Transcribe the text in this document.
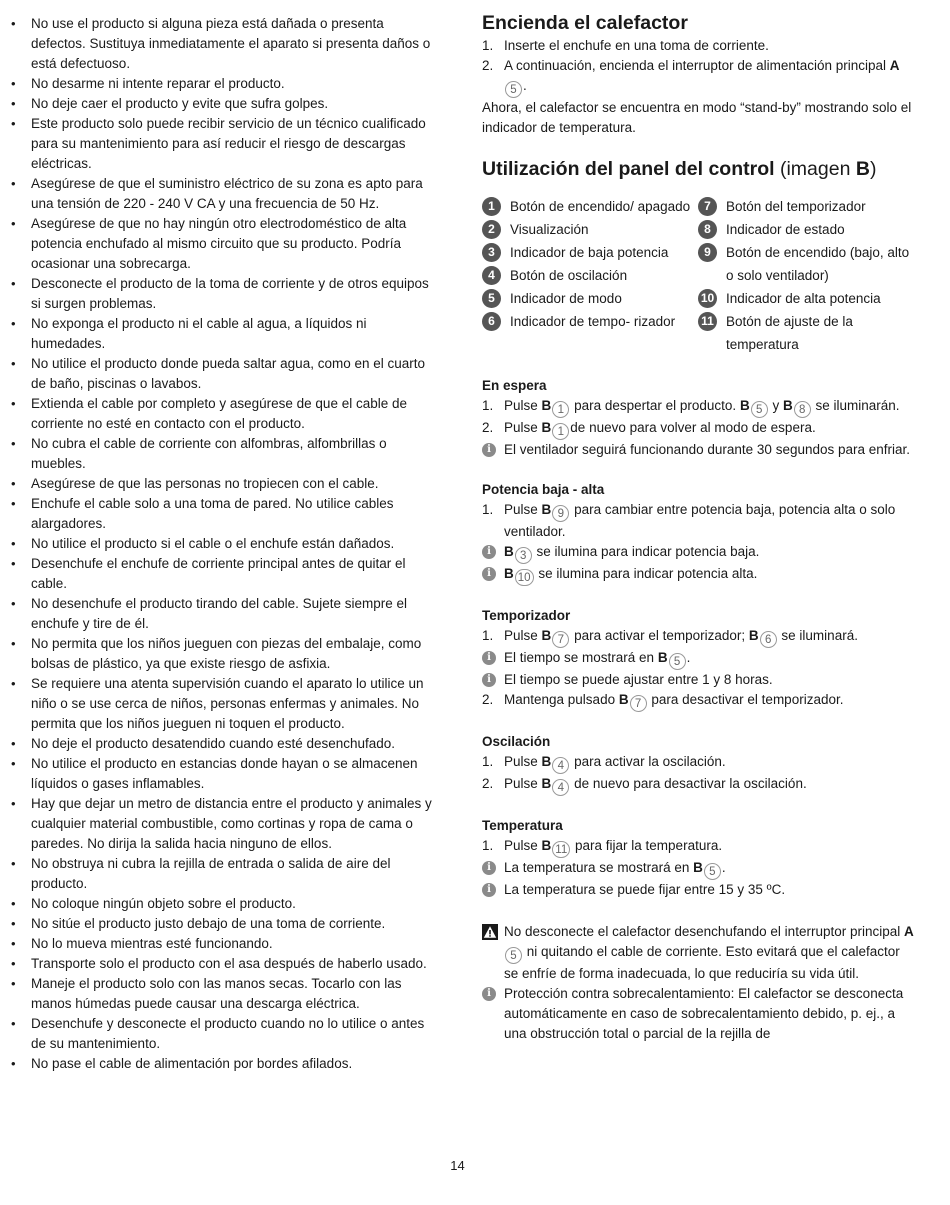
• No use el producto si alguna pieza está dañada o presenta defectos. Sustituya inmediatamente el aparato si presenta daños o está defectuoso.
• No desarme ni intente reparar el producto.
• No deje caer el producto y evite que sufra golpes.
• Este producto solo puede recibir servicio de un técnico cualificado para su mantenimiento para así reducir el riesgo de descargas eléctricas.
• Asegúrese de que el suministro eléctrico de su zona es apto para una tensión de 220 - 240 V CA y una frecuencia de 50 Hz.
• Asegúrese de que no hay ningún otro electrodoméstico de alta potencia enchufado al mismo circuito que su producto. Podría ocasionar una sobrecarga.
• Desconecte el producto de la toma de corriente y de otros equipos si surgen problemas.
• No exponga el producto ni el cable al agua, a líquidos ni humedades.
• No utilice el producto donde pueda saltar agua, como en el cuarto de baño, piscinas o lavabos.
• Extienda el cable por completo y asegúrese de que el cable de corriente no esté en contacto con el producto.
• No cubra el cable de corriente con alfombras, alfombrillas o muebles.
• Asegúrese de que las personas no tropiecen con el cable.
• Enchufe el cable solo a una toma de pared. No utilice cables alargadores.
• No utilice el producto si el cable o el enchufe están dañados.
• Desenchufe el enchufe de corriente principal antes de quitar el cable.
• No desenchufe el producto tirando del cable. Sujete siempre el enchufe y tire de él.
• No permita que los niños jueguen con piezas del embalaje, como bolsas de plástico, ya que existe riesgo de asfixia.
• Se requiere una atenta supervisión cuando el aparato lo utilice un niño o se use cerca de niños, personas enfermas y animales. No permita que los niños jueguen ni toquen el producto.
• No deje el producto desatendido cuando esté desenchufado.
• No utilice el producto en estancias donde hayan o se almacenen líquidos o gases inflamables.
• Hay que dejar un metro de distancia entre el producto y animales y cualquier material combustible, como cortinas y ropa de cama o paredes. No dirija la salida hacia ninguno de ellos.
• No obstruya ni cubra la rejilla de entrada o salida de aire del producto.
• No coloque ningún objeto sobre el producto.
• No sitúe el producto justo debajo de una toma de corriente.
• No lo mueva mientras esté funcionando.
• Transporte solo el producto con el asa después de haberlo usado.
• Maneje el producto solo con las manos secas. Tocarlo con las manos húmedas puede causar una descarga eléctrica.
• Desenchufe y desconecte el producto cuando no lo utilice o antes de su mantenimiento.
• No pase el cable de alimentación por bordes afilados.
Encienda el calefactor
1. Inserte el enchufe en una toma de corriente.
2. A continuación, encienda el interruptor de alimentación principal A5 .

Ahora, el calefactor se encuentra en modo “stand-by” mostrando solo el indicador de temperatura.

Utilización del panel del control (imagen B)
1	Botón de encendido/ apagado
2	Visualización
3	Indicador de baja potencia
4	Botón de oscilación
5	Indicador de modo
6	Indicador de tempo- rizador
7	Botón del temporizador
8	Indicador de estado
9	Botón de encendido (bajo, alto o solo ventilador)
10 Indicador de alta potencia
11 Botón de ajuste de la temperatura
En espera
1. Pulse B 1 para despertar el producto. B 5 y B 8 se iluminarán.
2. Pulse B 1 de nuevo para volver al modo de espera.
i El ventilador seguirá funcionando durante 30 segundos para enfriar.
Potencia baja - alta
1. Pulse B 9 para cambiar entre potencia baja, potencia alta o solo ventilador.
i B 3 se ilumina para indicar potencia baja.
i B 10 se ilumina para indicar potencia alta.
Temporizador
1. Pulse B 7 para activar el temporizador; B 6 se iluminará.
i El tiempo se mostrará en B 5 .
i El tiempo se puede ajustar entre 1 y 8 horas.
2. Mantenga pulsado B 7 para desactivar el temporizador.
Oscilación
1. Pulse B 4 para activar la oscilación.
2. Pulse B 4 de nuevo para desactivar la oscilación.
Temperatura
1. Pulse B 11 para fijar la temperatura.
i La temperatura se mostrará en B 5 .
i La temperatura se puede fijar entre 15 y 35 ºC.
No desconecte el calefactor desenchufando el interruptor principal A5 ni quitando el cable de corriente. Esto evitará que el calefactor se enfríe de forma inadecuada, lo que reduciría su vida útil.
i Protección contra sobrecalentamiento: El calefactor se desconecta automáticamente en caso de sobrecalentamiento debido, p. ej., a una obstrucción total o parcial de la rejilla de
14
